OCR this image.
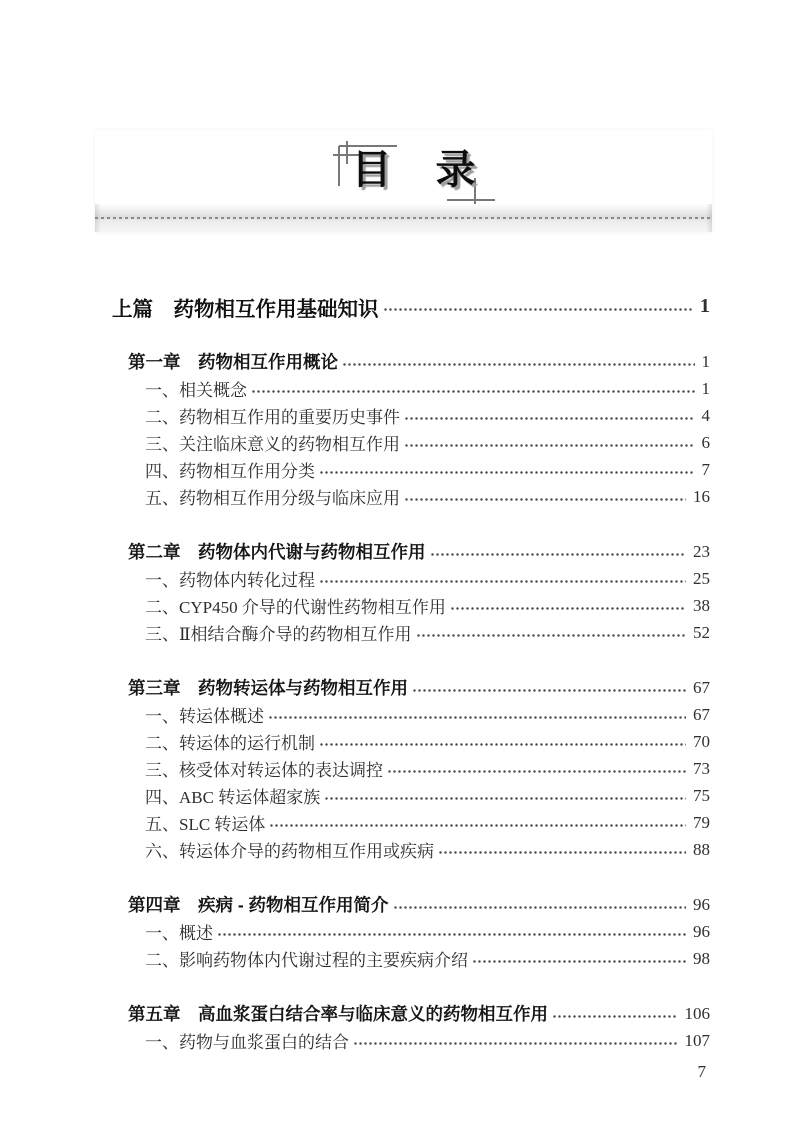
目　录
上篇　药物相互作用基础知识	1
第一章　药物相互作用概论	1
一、相关概念	1
二、药物相互作用的重要历史事件	4
三、关注临床意义的药物相互作用	6
四、药物相互作用分类	7
五、药物相互作用分级与临床应用	16
第二章　药物体内代谢与药物相互作用	23
一、药物体内转化过程	25
二、CYP450 介导的代谢性药物相互作用	38
三、Ⅱ相结合酶介导的药物相互作用	52
第三章　药物转运体与药物相互作用	67
一、转运体概述	67
二、转运体的运行机制	70
三、核受体对转运体的表达调控	73
四、ABC 转运体超家族	75
五、SLC 转运体	79
六、转运体介导的药物相互作用或疾病	88
第四章　疾病 - 药物相互作用简介	96
一、概述	96
二、影响药物体内代谢过程的主要疾病介绍	98
第五章　高血浆蛋白结合率与临床意义的药物相互作用	106
一、药物与血浆蛋白的结合	107
7
